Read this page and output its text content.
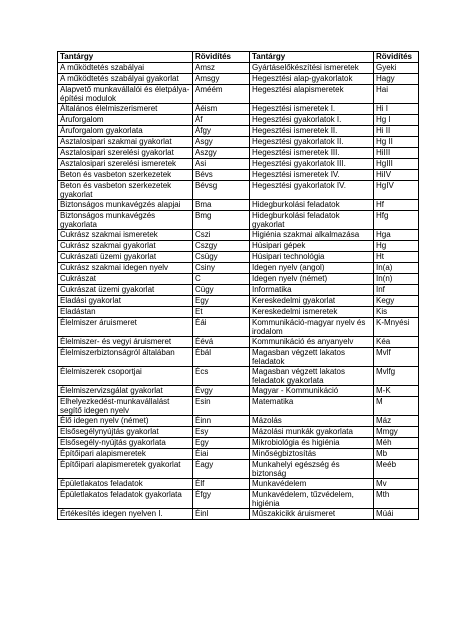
Tantárgy	Rövidítés	Tantárgy	Rövidítés
A működtetés szabályai	Amsz	Gyártáselőkészítési ismeretek	Gyeki
A működtetés szabályai gyakorlat	Amsgy	Hegesztési alap-gyakorlatok	Hagy
Alapvető munkavállalói és életpálya-építési modulok	Améém	Hegesztési alapismeretek	Hai
Általános élelmiszerismeret	Áéism	Hegesztési ismeretek I.	Hi I
Áruforgalom	Áf	Hegesztési gyakorlatok I.	Hg I
Áruforgalom gyakorlata	Áfgy	Hegesztési ismeretek II.	Hi II
Asztalosipari szakmai gyakorlat	Asgy	Hegesztési gyakorlatok II.	Hg II
Asztalosipari szerelési gyakorlat	Aszgy	Hegesztési ismeretek III.	HiIII
Asztalosipari szerelési ismeretek	Asi	Hegesztési gyakorlatok III.	HgIII
Beton és vasbeton szerkezetek	Bévs	Hegesztési ismeretek IV.	HiIV
Beton és vasbeton szerkezetek gyakorlat	Bévsg	Hegesztési gyakorlatok IV.	HgIV
Biztonságos munkavégzés alapjai	Bma	Hidegburkolási feladatok	Hf
Biztonságos munkavégzés gyakorlata	Bmg	Hidegburkolási feladatok gyakorlat	Hfg
Cukrász szakmai ismeretek	Cszi	Higiénia szakmai alkalmazása	Hga
Cukrász szakmai gyakorlat	Cszgy	Húsipari gépek	Hg
Cukrászati üzemi gyakorlat	Csügy	Húsipari technológia	Ht
Cukrász szakmai idegen nyelv	Csiny	Idegen nyelv (angol)	In(a)
Cukrászat	C	Idegen nyelv (német)	In(n)
Cukrászat üzemi gyakorlat	Cügy	Informatika	Inf
Eladási gyakorlat	Egy	Kereskedelmi gyakorlat	Kegy
Eladástan	Et	Kereskedelmi ismeretek	Kis
Élelmiszer áruismeret	Éái	Kommunikáció-magyar nyelv és irodalom	K-Mnyési
Élelmiszer- és vegyi áruismeret	Éévá	Kommunikáció és anyanyelv	Kéa
Élelmiszerbiztonságról általában	Ébál	Magasban végzett lakatos feladatok	Mvlf
Élelmiszerek csoportjai	Écs	Magasban végzett lakatos feladatok gyakorlata	Mvlfg
Élelmiszervizsgálat gyakorlat	Évgy	Magyar - Kommunikáció	M-K
Elhelyezkedést-munkavállalást segítő idegen nyelv	Esin	Matematika	M
Élő idegen nyelv (német)	Éinn	Mázolás	Máz
Elsősegélynyújtás gyakorlat	Esy	Mázolási munkák gyakorlata	Mmgy
Elsősegély-nyújtás gyakorlata	Egy	Mikrobiológia és higiénia	Méh
Építőipari alapismeretek	Éiai	Minőségbiztosítás	Mb
Építőipari alapismeretek gyakorlat	Éagy	Munkahelyi egészség és biztonság	Meéb
Épületlakatos feladatok	Élf	Munkavédelem	Mv
Épületlakatos feladatok gyakorlata	Éfgy	Munkavédelem, tűzvédelem, higiénia	Mth
Értékesítés idegen nyelven I.	Éinl	Műszakicikk áruismeret	Múái
